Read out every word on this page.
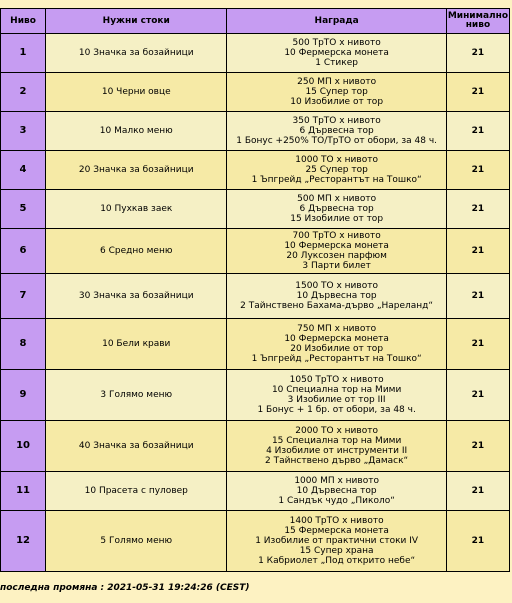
Ниво	Нужни стоки	Награда	Минимално ниво
1	10 Значка за бозайници	500 ТрТО x нивото
10 Фермерска монета
1 Стикер	21
2	10 Черни овце	250 МП x нивото
15 Супер тор
10 Изобилие от тор	21
3	10 Малко меню	350 ТрТО x нивото
6 Дървесна тор
1 Бонус +250% ТО/ТрТО от обори, за 48 ч.	21
4	20 Значка за бозайници	1000 ТО x нивото
25 Супер тор
1 Ъпгрейд „Ресторантът на Тошко“	21
5	10 Пухкав заек	500 МП x нивото
6 Дървесна тор
15 Изобилие от тор	21
6	6 Средно меню	700 ТрТО x нивото
10 Фермерска монета
20 Луксозен парфюм
3 Парти билет	21
7	30 Значка за бозайници	1500 ТО x нивото
10 Дървесна тор
2 Тайнствено Бахама-дърво „Нареланд“	21
8	10 Бели крави	750 МП x нивото
10 Фермерска монета
20 Изобилие от тор
1 Ъпгрейд „Ресторантът на Тошко“	21
9	3 Голямо меню	1050 ТрТО x нивото
10 Специална тор на Мими
3 Изобилие от тор III
1 Бонус + 1 бр. от обори, за 48 ч.	21
10	40 Значка за бозайници	2000 ТО x нивото
15 Специална тор на Мими
4 Изобилие от инструменти II
2 Тайнствено дърво „Дамаск“	21
11	10 Прасета с пуловер	1000 МП x нивото
10 Дървесна тор
1 Сандък чудо „Пиколо“	21
12	5 Голямо меню	1400 ТрТО x нивото
15 Фермерска монета
1 Изобилие от практични стоки IV
15 Супер храна
1 Кабриолет „Под открито небе“	21
последна промяна : 2021-05-31 19:24:26 (CEST)
